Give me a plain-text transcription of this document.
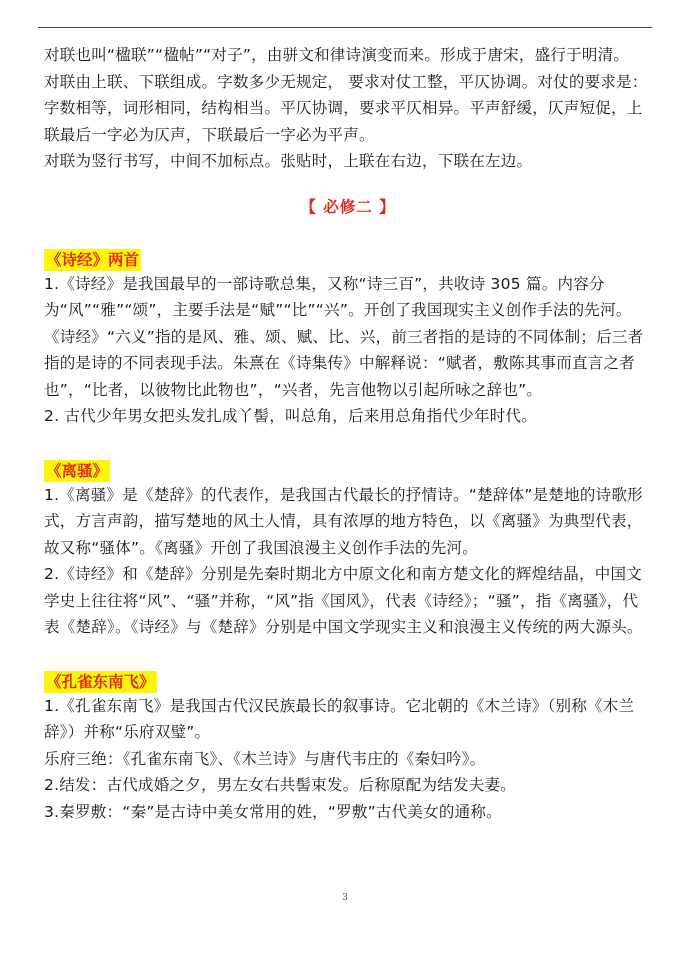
对联也叫“楹联”“楹帖”“对子”，由骈文和律诗演变而来。形成于唐宋，盛行于明清。

对联由上联、下联组成。字数多少无规定， 要求对仗工整，平仄协调。对仗的要求是：字数相等，词形相同，结构相当。平仄协调，要求平仄相异。平声舒缓，仄声短促，上联最后一字必为仄声，下联最后一字必为平声。

对联为竖行书写，中间不加标点。张贴时，上联在右边，下联在左边。

【 必修二 】
《诗经》两首

1.《诗经》是我国最早的一部诗歌总集，又称“诗三百”，共收诗 305 篇。内容分为“风”“雅”“颂”，主要手法是“赋”“比”“兴”。开创了我国现实主义创作手法的先河。

《诗经》“六义”指的是风、雅、颂、赋、比、兴，前三者指的是诗的不同体制；后三者指的是诗的不同表现手法。朱熹在《诗集传》中解释说：“赋者，敷陈其事而直言之者也”，“比者，以彼物比此物也”，“兴者，先言他物以引起所咏之辞也”。

2. 古代少年男女把头发扎成丫髻，叫总角，后来用总角指代少年时代。

《离骚》

1.《离骚》是《楚辞》的代表作，是我国古代最长的抒情诗。“楚辞体”是楚地的诗歌形式，方言声韵，描写楚地的风土人情，具有浓厚的地方特色，以《离骚》为典型代表，故又称“骚体”。《离骚》开创了我国浪漫主义创作手法的先河。

2.《诗经》和《楚辞》分别是先秦时期北方中原文化和南方楚文化的辉煌结晶，中国文学史上往往将“风”、“骚”并称，“风”指《国风》，代表《诗经》；“骚”，指《离骚》，代表《楚辞》。《诗经》与《楚辞》分别是中国文学现实主义和浪漫主义传统的两大源头。

《孔雀东南飞》

1.《孔雀东南飞》是我国古代汉民族最长的叙事诗。它北朝的《木兰诗》（别称《木兰辞》）并称“乐府双璧”。

乐府三绝：《孔雀东南飞》、《木兰诗》与唐代韦庄的《秦妇吟》。

2.结发：古代成婚之夕，男左女右共髻束发。后称原配为结发夫妻。

3.秦罗敷：“秦”是古诗中美女常用的姓，“罗敷”古代美女的通称。

3
